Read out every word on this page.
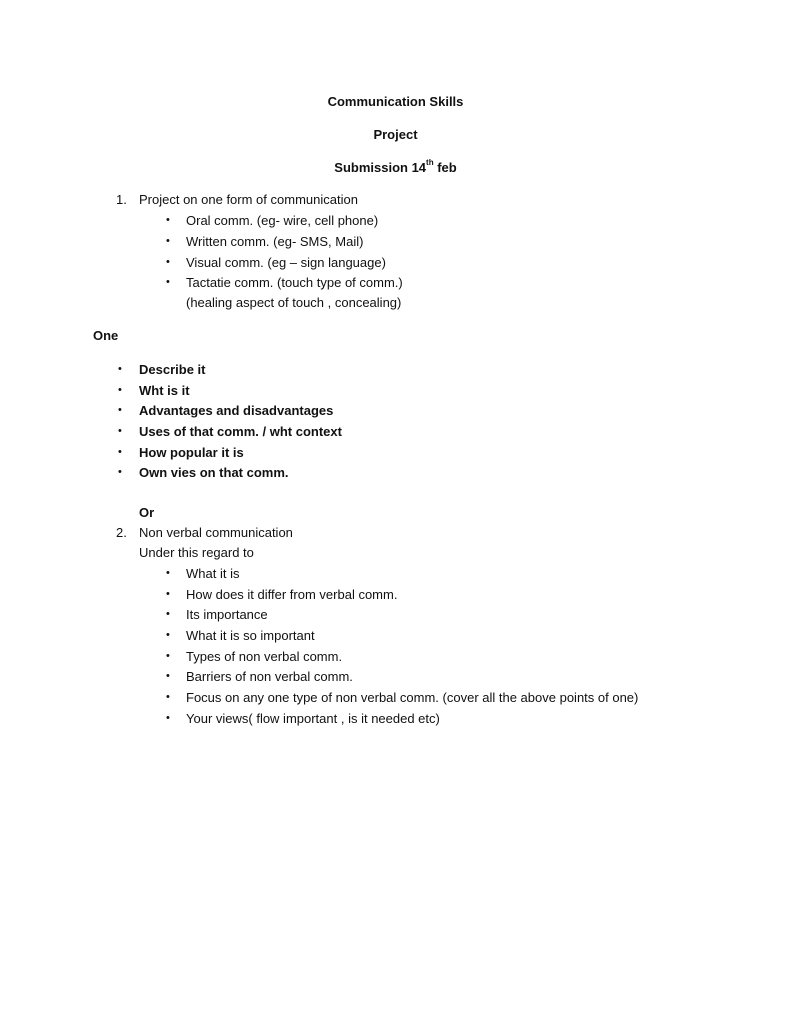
Communication Skills
Project
Submission 14th feb
1. Project on one form of communication
• Oral comm. (eg- wire, cell phone)
• Written comm. (eg- SMS, Mail)
• Visual comm. (eg – sign language)
• Tactatie comm. (touch type of comm.)
(healing aspect of touch , concealing)
One
• Describe it
• Wht is it
• Advantages and disadvantages
• Uses of that comm. / wht context
• How popular it is
• Own vies on that comm.
Or
2. Non verbal communication
Under this regard to
• What it is
• How does it differ from verbal comm.
• Its importance
• What it is so important
• Types of non verbal comm.
• Barriers of non verbal comm.
• Focus on any one type of non verbal comm. (cover all the above points of one)
• Your views( flow important , is it needed etc)
